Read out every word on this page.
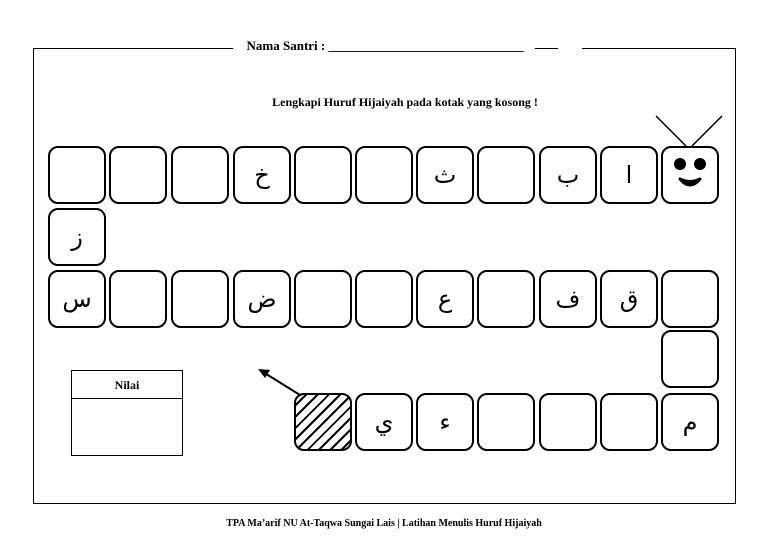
Nama Santri : ______________________________
Lengkapi Huruf Hijaiyah pada kotak yang kosong !
خ	ث	ب	ا
ز
س	ض	ع	ف	ق
ي	ء	م
Nilai
TPA Ma’arif NU At-Taqwa Sungai Lais | Latihan Menulis Huruf Hijaiyah
